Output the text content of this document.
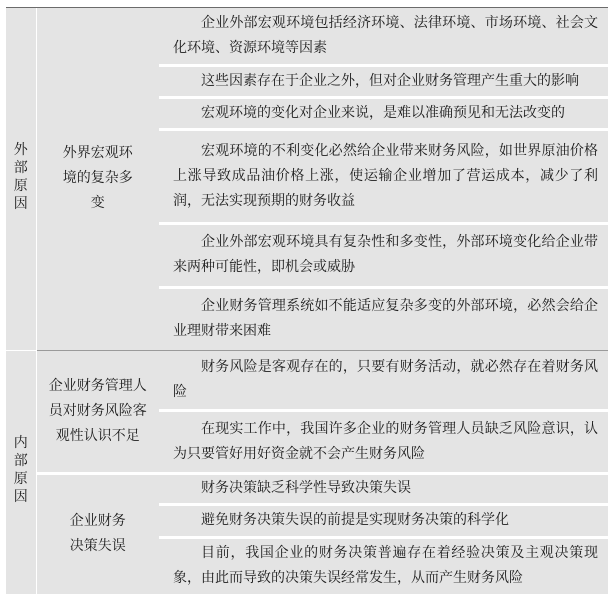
外部原因	外界宏观环境的复杂多变	企业外部宏观环境包括经济环境、法律环境、市场环境、社会文化环境、资源环境等因素
		这些因素存在于企业之外，但对企业财务管理产生重大的影响
		宏观环境的变化对企业来说，是难以准确预见和无法改变的
		宏观环境的不利变化必然给企业带来财务风险，如世界原油价格上涨导致成品油价格上涨，使运输企业增加了营运成本，减少了利润，无法实现预期的财务收益
		企业外部宏观环境具有复杂性和多变性，外部环境变化给企业带来两种可能性，即机会或威胁
		企业财务管理系统如不能适应复杂多变的外部环境，必然会给企业理财带来困难
内部原因	企业财务管理人员对财务风险客观性认识不足	财务风险是客观存在的，只要有财务活动，就必然存在着财务风险
		在现实工作中，我国许多企业的财务管理人员缺乏风险意识，认为只要管好用好资金就不会产生财务风险
	企业财务决策失误	财务决策缺乏科学性导致决策失误
		避免财务决策失误的前提是实现财务决策的科学化
		目前，我国企业的财务决策普遍存在着经验决策及主观决策现象，由此而导致的决策失误经常发生，从而产生财务风险
